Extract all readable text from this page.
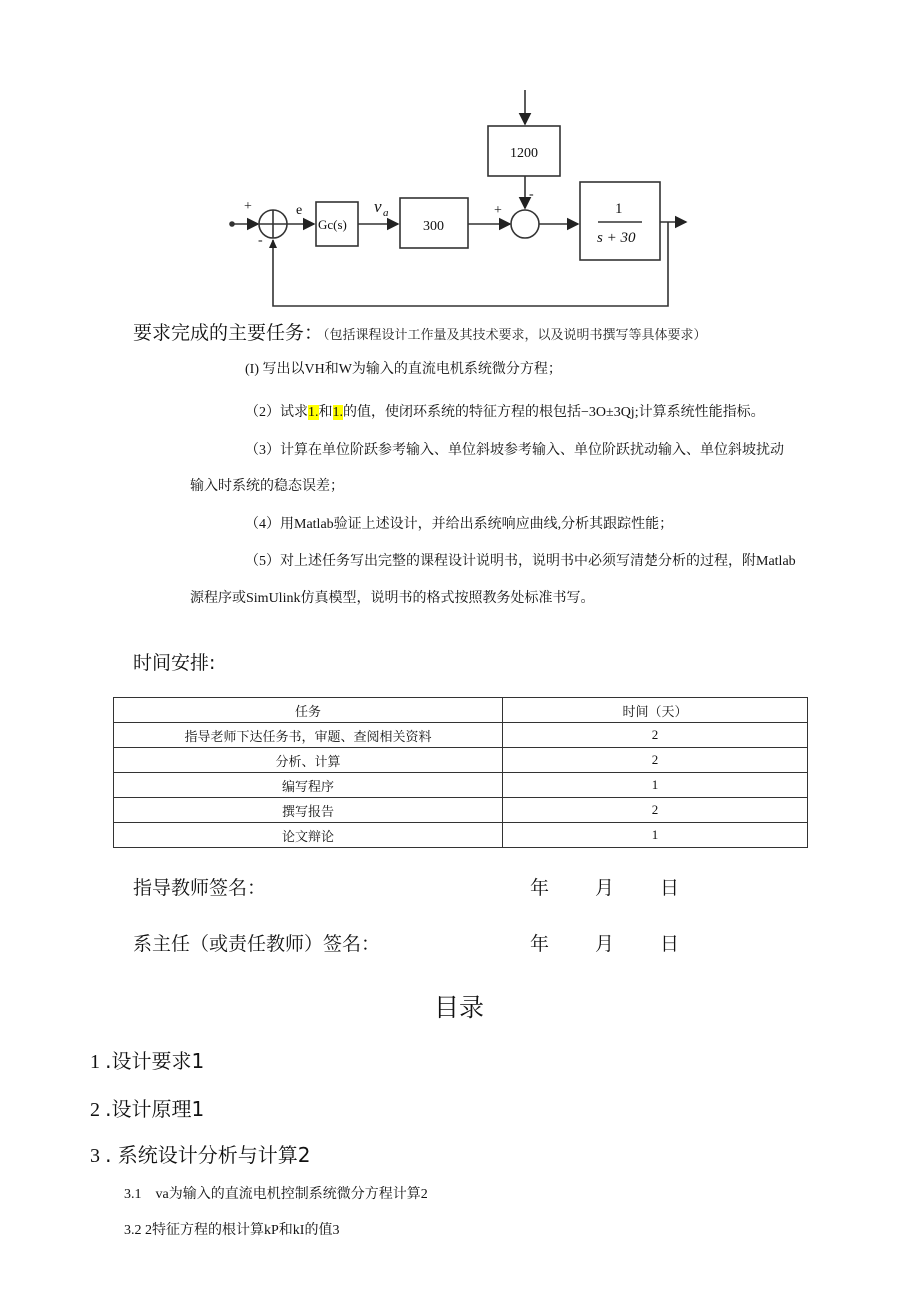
+
-
e
Gc(s)
v a
300
1200
+
-
1
s + 30
要求完成的主要任务：（包括课程设计工作量及其技术要求，以及说明书撰写等具体要求）
(I) 写出以VH和W为输入的直流电机系统微分方程；
（2）试求1.和1.的值，使闭环系统的特征方程的根包括−3O±3Qj;计算系统性能指标。
（3）计算在单位阶跃参考输入、单位斜坡参考输入、单位阶跃扰动输入、单位斜坡扰动
输入时系统的稳态误差；
（4）用Matlab验证上述设计，并给出系统响应曲线,分析其跟踪性能；
（5）对上述任务写出完整的课程设计说明书，说明书中必须写清楚分析的过程，附Matlab
源程序或SimUlink仿真模型，说明书的格式按照教务处标准书写。
时间安排:
任务	时间（天）
指导老师下达任务书，审题、查阅相关资料	2
分析、计算	2
编写程序	1
撰写报告	2
论文辩论	1
指导教师签名：	年 月 日
系主任（或责任教师）签名：	年 月 日
目录
1 .设计要求1
2 .设计原理1
3 . 系统设计分析与计算2
3.1 va为输入的直流电机控制系统微分方程计算2
3.2 2特征方程的根计算kP和kI的值3
